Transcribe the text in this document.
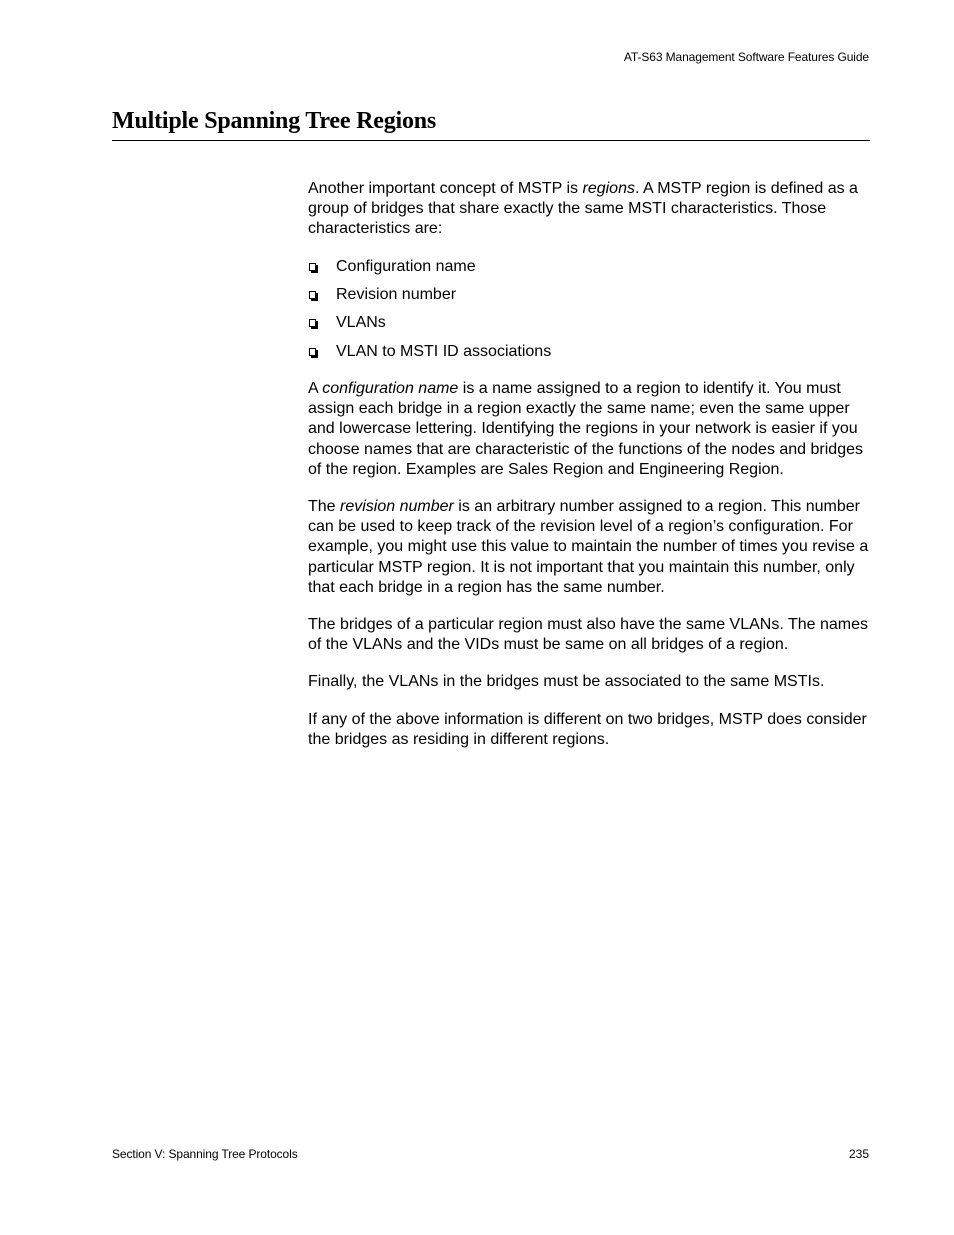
AT-S63 Management Software Features Guide
Multiple Spanning Tree Regions

Another important concept of MSTP is regions. A MSTP region is defined as a group of bridges that share exactly the same MSTI characteristics. Those characteristics are:

Configuration name
Revision number
VLANs
VLAN to MSTI ID associations

A configuration name is a name assigned to a region to identify it. You must assign each bridge in a region exactly the same name; even the same upper and lowercase lettering. Identifying the regions in your network is easier if you choose names that are characteristic of the functions of the nodes and bridges of the region. Examples are Sales Region and Engineering Region.

The revision number is an arbitrary number assigned to a region. This number can be used to keep track of the revision level of a region’s configuration. For example, you might use this value to maintain the number of times you revise a particular MSTP region. It is not important that you maintain this number, only that each bridge in a region has the same number.

The bridges of a particular region must also have the same VLANs. The names of the VLANs and the VIDs must be same on all bridges of a region.

Finally, the VLANs in the bridges must be associated to the same MSTIs.

If any of the above information is different on two bridges, MSTP does consider the bridges as residing in different regions.

Section V: Spanning Tree Protocols	235
